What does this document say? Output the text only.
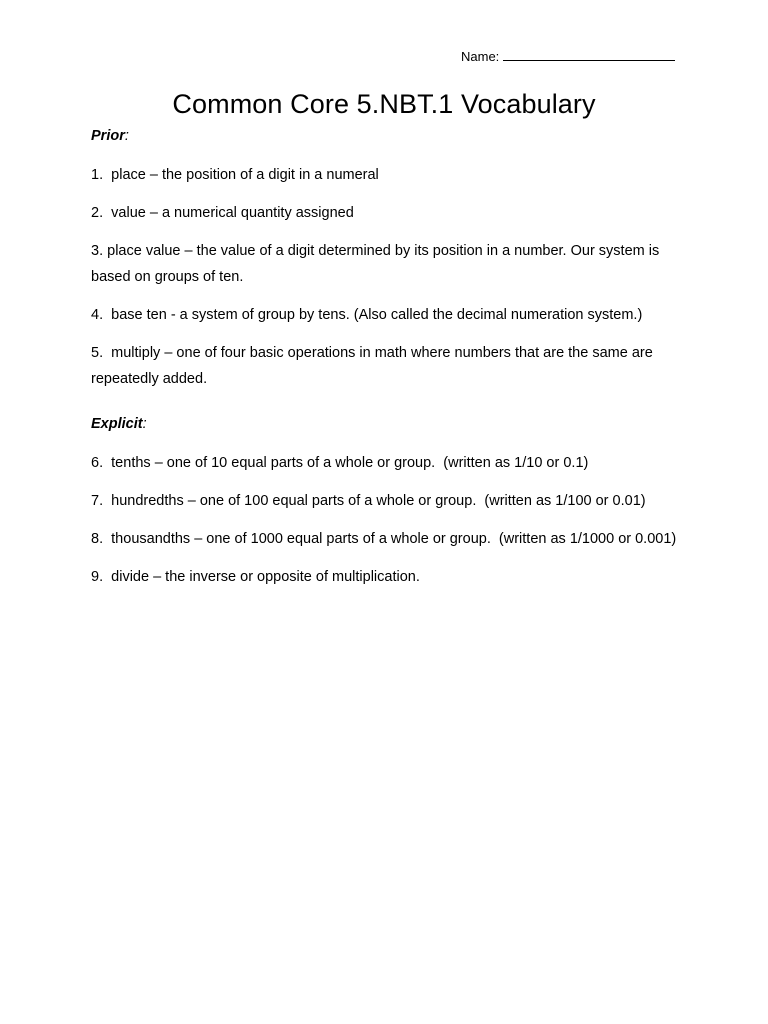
Name:
Common Core 5.NBT.1 Vocabulary
Prior:
1. place – the position of a digit in a numeral
2. value – a numerical quantity assigned
3. place value – the value of a digit determined by its position in a number. Our system is based on groups of ten.
4. base ten - a system of group by tens. (Also called the decimal numeration system.)
5. multiply – one of four basic operations in math where numbers that are the same are repeatedly added.
Explicit:
6. tenths – one of 10 equal parts of a whole or group.  (written as 1/10 or 0.1)
7. hundredths – one of 100 equal parts of a whole or group.  (written as 1/100 or 0.01)
8. thousandths – one of 1000 equal parts of a whole or group.  (written as 1/1000 or 0.001)
9. divide – the inverse or opposite of multiplication.
